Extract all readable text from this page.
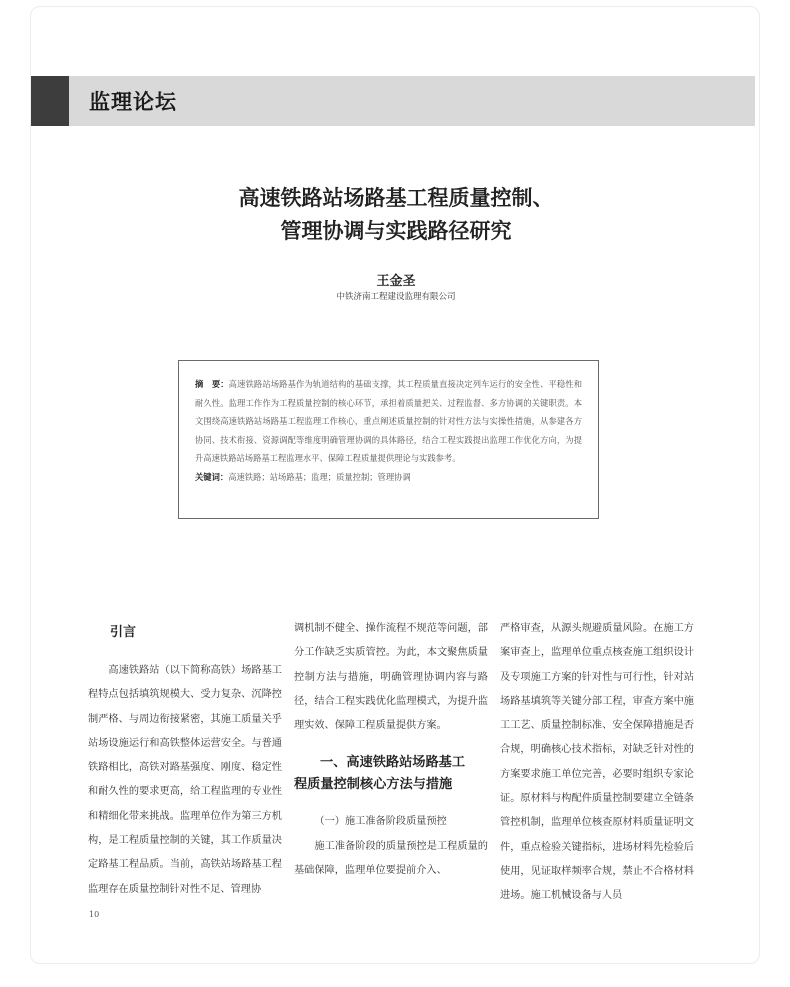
监理论坛
高速铁路站场路基工程质量控制、
管理协调与实践路径研究
王金圣
中铁济南工程建设监理有限公司
摘　要：高速铁路站场路基作为轨道结构的基础支撑，其工程质量直接决定列车运行的安全性、平稳性和耐久性。监理工作作为工程质量控制的核心环节，承担着质量把关、过程监督、多方协调的关键职责。本文围绕高速铁路站场路基工程监理工作核心，重点阐述质量控制的针对性方法与实操性措施，从参建各方协同、技术衔接、资源调配等维度明确管理协调的具体路径，结合工程实践提出监理工作优化方向，为提升高速铁路站场路基工程监理水平、保障工程质量提供理论与实践参考。
关键词：高速铁路；站场路基；监理；质量控制；管理协调
引言

高速铁路站（以下简称高铁）场路基工程特点包括填筑规模大、受力复杂、沉降控制严格、与周边衔接紧密，其施工质量关乎站场设施运行和高铁整体运营安全。与普通铁路相比，高铁对路基强度、刚度、稳定性和耐久性的要求更高，给工程监理的专业性和精细化带来挑战。监理单位作为第三方机构，是工程质量控制的关键，其工作质量决定路基工程品质。当前，高铁站场路基工程监理存在质量控制针对性不足、管理协

调机制不健全、操作流程不规范等问题，部分工作缺乏实质管控。为此，本文聚焦质量控制方法与措施，明确管理协调内容与路径，结合工程实践优化监理模式，为提升监理实效、保障工程质量提供方案。

一、高速铁路站场路基工
程质量控制核心方法与措施

（一）施工准备阶段质量预控

施工准备阶段的质量预控是工程质量的基础保障，监理单位要提前介入、

严格审查，从源头规避质量风险。在施工方案审查上，监理单位重点核查施工组织设计及专项施工方案的针对性与可行性，针对站场路基填筑等关键分部工程，审查方案中施工工艺、质量控制标准、安全保障措施是否合规，明确核心技术指标，对缺乏针对性的方案要求施工单位完善，必要时组织专家论证。原材料与构配件质量控制要建立全链条管控机制，监理单位核查原材料质量证明文件，重点检验关键指标，进场材料先检验后使用，见证取样频率合规，禁止不合格材料进场。施工机械设备与人员

10
